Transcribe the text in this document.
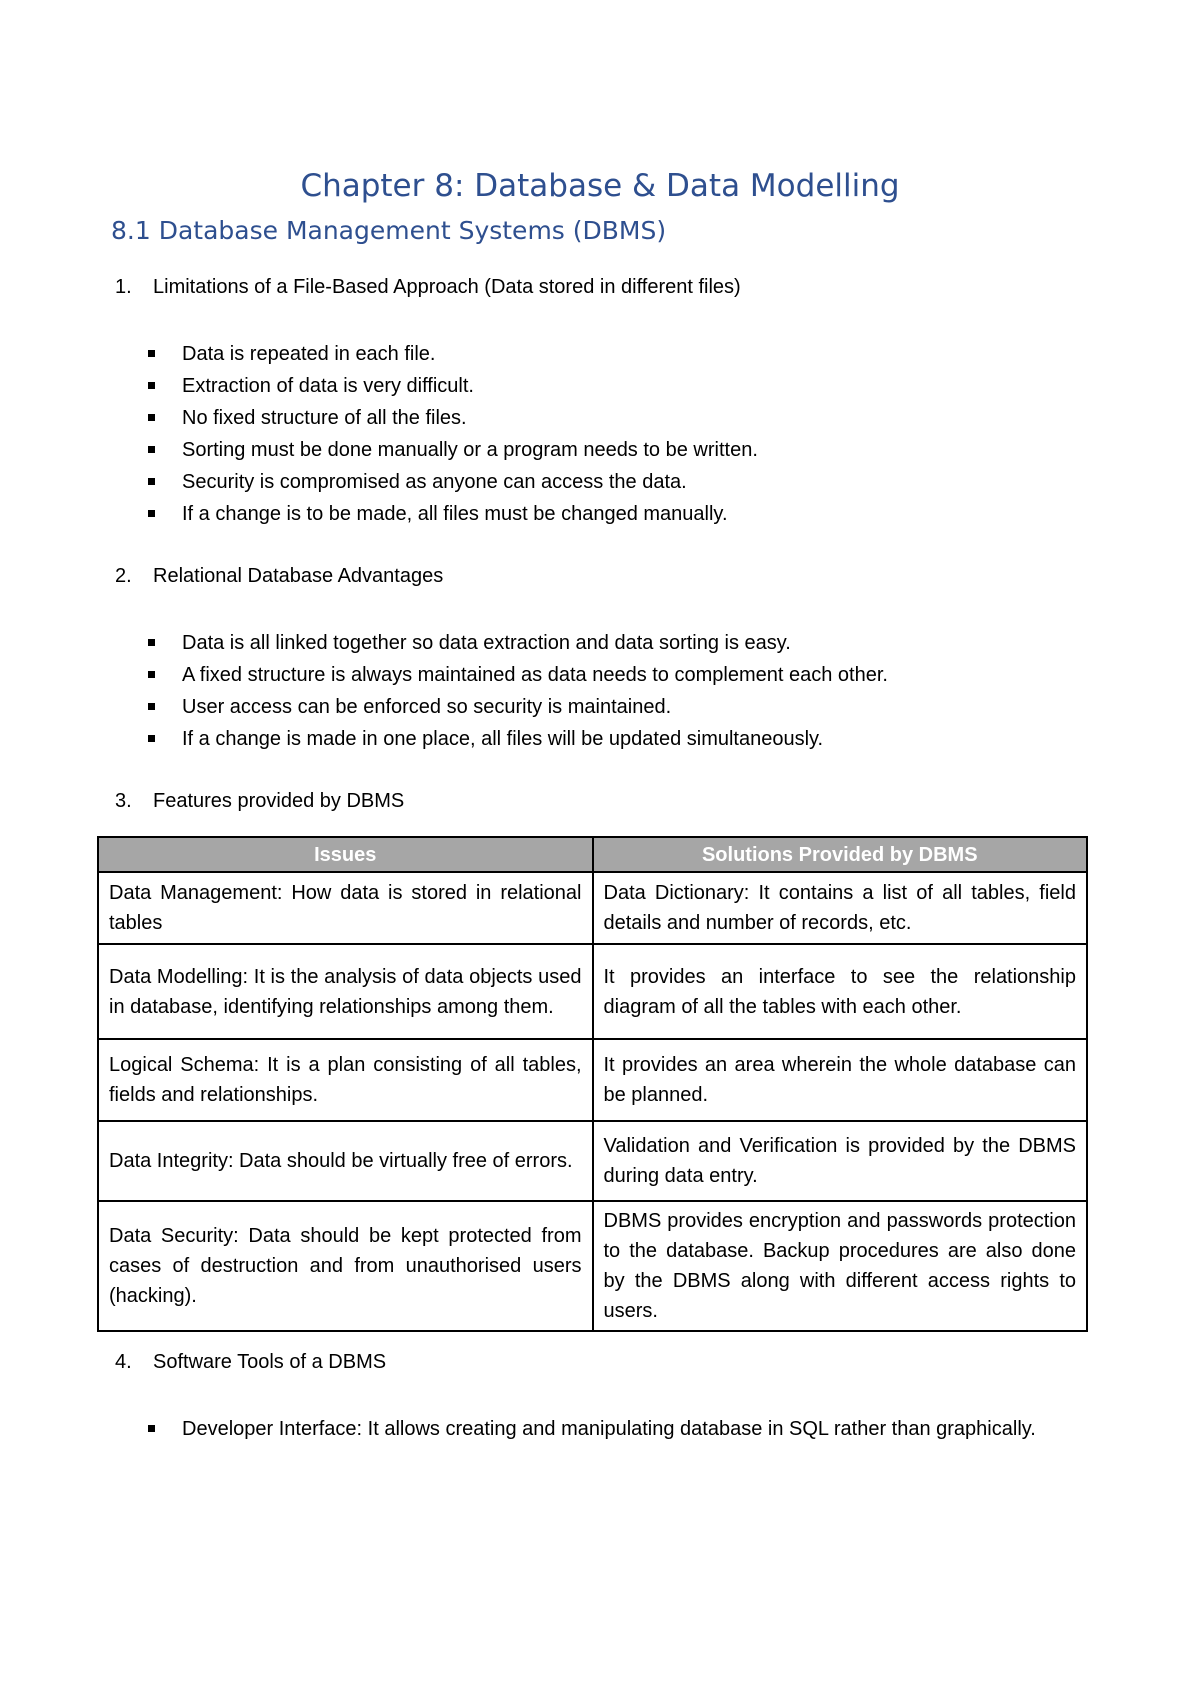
Chapter 8: Database & Data Modelling
8.1 Database Management Systems (DBMS)
1. Limitations of a File-Based Approach (Data stored in different files)
Data is repeated in each file.
Extraction of data is very difficult.
No fixed structure of all the files.
Sorting must be done manually or a program needs to be written.
Security is compromised as anyone can access the data.
If a change is to be made, all files must be changed manually.
2. Relational Database Advantages
Data is all linked together so data extraction and data sorting is easy.
A fixed structure is always maintained as data needs to complement each other.
User access can be enforced so security is maintained.
If a change is made in one place, all files will be updated simultaneously.
3. Features provided by DBMS
Issues	Solutions Provided by DBMS
Data Management: How data is stored in relational tables	Data Dictionary: It contains a list of all tables, field details and number of records, etc.
Data Modelling: It is the analysis of data objects used in database, identifying relationships among them.	It provides an interface to see the relationship diagram of all the tables with each other.
Logical Schema: It is a plan consisting of all tables, fields and relationships.	It provides an area wherein the whole database can be planned.
Data Integrity: Data should be virtually free of errors.	Validation and Verification is provided by the DBMS during data entry.
Data Security: Data should be kept protected from cases of destruction and from unauthorised users (hacking).	DBMS provides encryption and passwords protection to the database. Backup procedures are also done by the DBMS along with different access rights to users.
4. Software Tools of a DBMS
Developer Interface: It allows creating and manipulating database in SQL rather than graphically.
